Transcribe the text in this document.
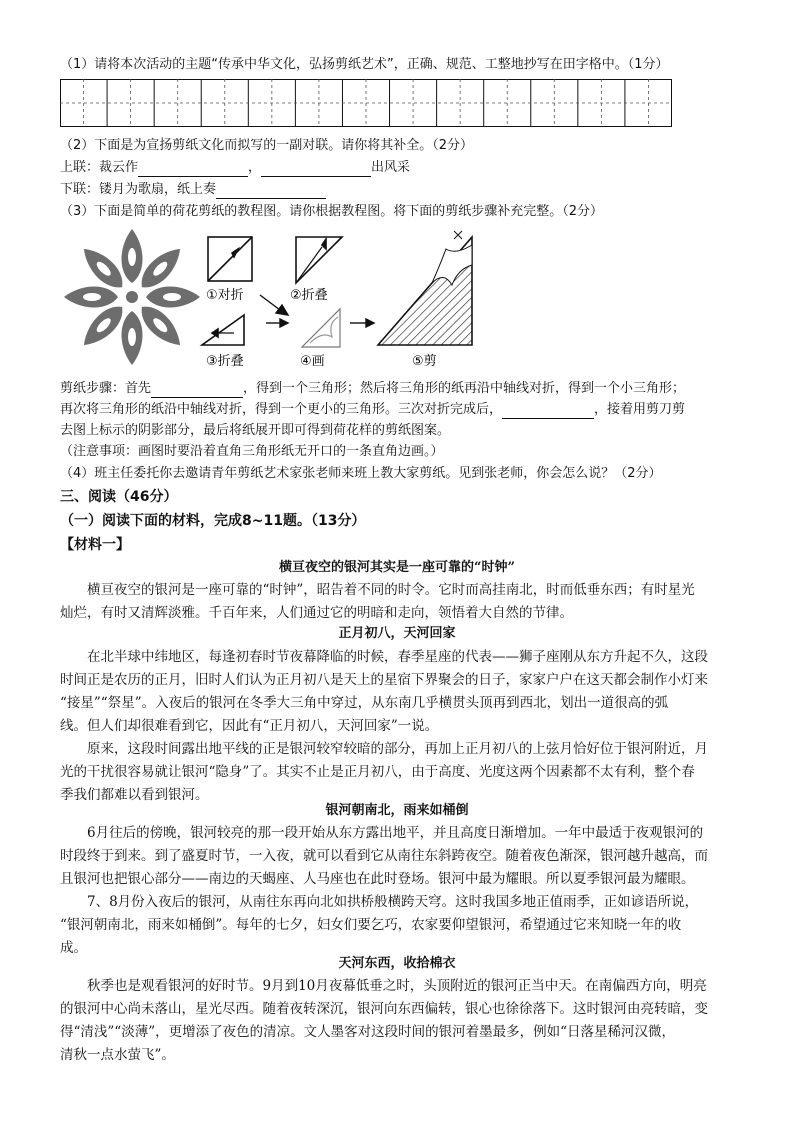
（1）请将本次活动的主题“传承中华文化，弘扬剪纸艺术”，正确、规范、工整地抄写在田字格中。（1分）
（2）下面是为宣扬剪纸文化而拟写的一副对联。请你将其补全。（2分）
上联：裁云作	，	出风采
下联：镂月为歌扇，纸上奏
（3）下面是简单的荷花剪纸的教程图。请你根据教程图。将下面的剪纸步骤补充完整。（2分）
①对折	②折叠
③折叠	④画	⑤剪
剪纸步骤：首先	，得到一个三角形；然后将三角形的纸再沿中轴线对折，得到一个小三角形；
再次将三角形的纸沿中轴线对折，得到一个更小的三角形。三次对折完成后，	，接着用剪刀剪
去图上标示的阴影部分，最后将纸展开即可得到荷花样的剪纸图案。
（注意事项：画图时要沿着直角三角形纸无开口的一条直角边画。）
（4）班主任委托你去邀请青年剪纸艺术家张老师来班上教大家剪纸。见到张老师，你会怎么说？（2分）
三、阅读（46分）
（一）阅读下面的材料，完成8~11题。（13分）
【材料一】
横亘夜空的银河其实是一座可靠的“时钟”
横亘夜空的银河是一座可靠的“时钟”，昭告着不同的时令。它时而高挂南北，时而低垂东西；有时星光
灿烂，有时又清辉淡雅。千百年来，人们通过它的明暗和走向，领悟着大自然的节律。
正月初八，天河回家
在北半球中纬地区，每逢初春时节夜幕降临的时候，春季星座的代表——狮子座刚从东方升起不久，这段
时间正是农历的正月，旧时人们认为正月初八是天上的星宿下界聚会的日子，家家户户在这天都会制作小灯来
“接星”“祭星”。入夜后的银河在冬季大三角中穿过，从东南几乎横贯头顶再到西北，划出一道很高的弧
线。但人们却很难看到它，因此有“正月初八，天河回家”一说。
原来，这段时间露出地平线的正是银河较窄较暗的部分，再加上正月初八的上弦月恰好位于银河附近，月
光的干扰很容易就让银河“隐身”了。其实不止是正月初八，由于高度、光度这两个因素都不太有利，整个春
季我们都难以看到银河。
银河朝南北，雨来如桶倒
6月往后的傍晚，银河较亮的那一段开始从东方露出地平，并且高度日渐增加。一年中最适于夜观银河的
时段终于到来。到了盛夏时节，一入夜，就可以看到它从南往东斜跨夜空。随着夜色渐深，银河越升越高，而
且银河也把银心部分——南边的天蝎座、人马座也在此时登场。银河中最为耀眼。所以夏季银河最为耀眼。
7、8月份入夜后的银河，从南往东再向北如拱桥般横跨天穹。这时我国多地正值雨季，正如谚语所说，
“银河朝南北，雨来如桶倒”。每年的七夕，妇女们要乞巧，农家要仰望银河，希望通过它来知晓一年的收
成。
天河东西，收拾棉衣
秋季也是观看银河的好时节。9月到10月夜幕低垂之时，头顶附近的银河正当中天。在南偏西方向，明亮
的银河中心尚未落山，星光尽西。随着夜转深沉，银河向东西偏转，银心也徐徐落下。这时银河由亮转暗，变
得“清浅”“淡薄”，更增添了夜色的清凉。文人墨客对这段时间的银河着墨最多，例如“日落星稀河汉微，
清秋一点水萤飞”。
